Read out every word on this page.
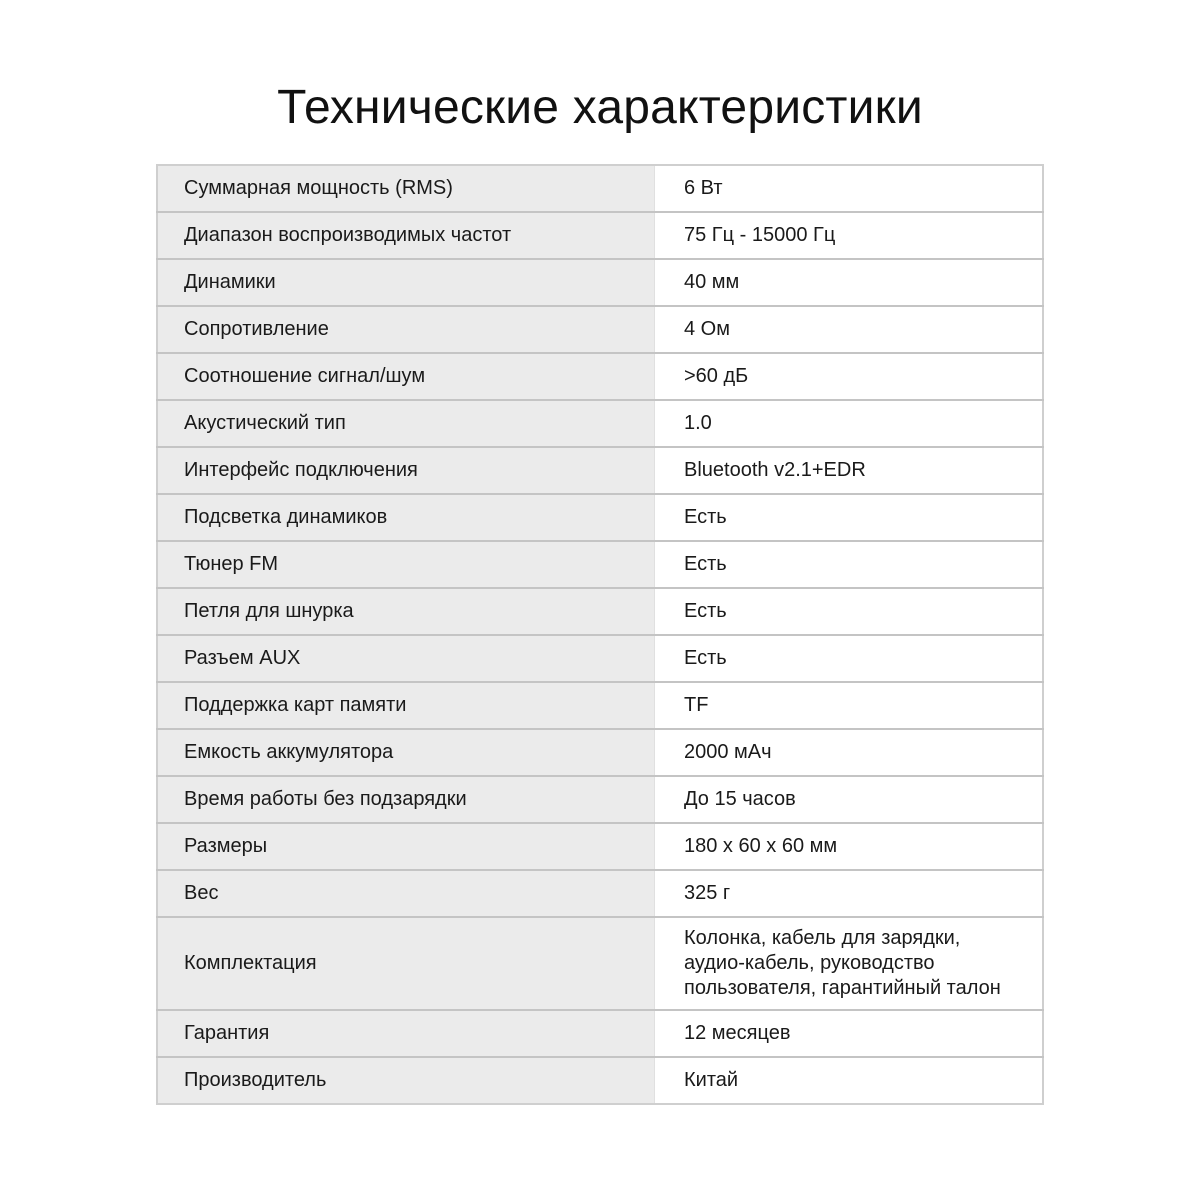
Технические характеристики
Суммарная мощность (RMS)	6 Вт
Диапазон воспроизводимых частот	75 Гц - 15000 Гц
Динамики	40 мм
Сопротивление	4 Ом
Соотношение сигнал/шум	>60 дБ
Акустический тип	1.0
Интерфейс подключения	Bluetooth v2.1+EDR
Подсветка динамиков	Есть
Тюнер FM	Есть
Петля для шнурка	Есть
Разъем AUX	Есть
Поддержка карт памяти	TF
Емкость аккумулятора	2000 мАч
Время работы без подзарядки	До 15 часов
Размеры	180 х 60 х 60 мм
Вес	325 г
Комплектация	Колонка, кабель для зарядки,
аудио-кабель, руководство
пользователя, гарантийный талон

Гарантия	12 месяцев
Производитель	Китай
